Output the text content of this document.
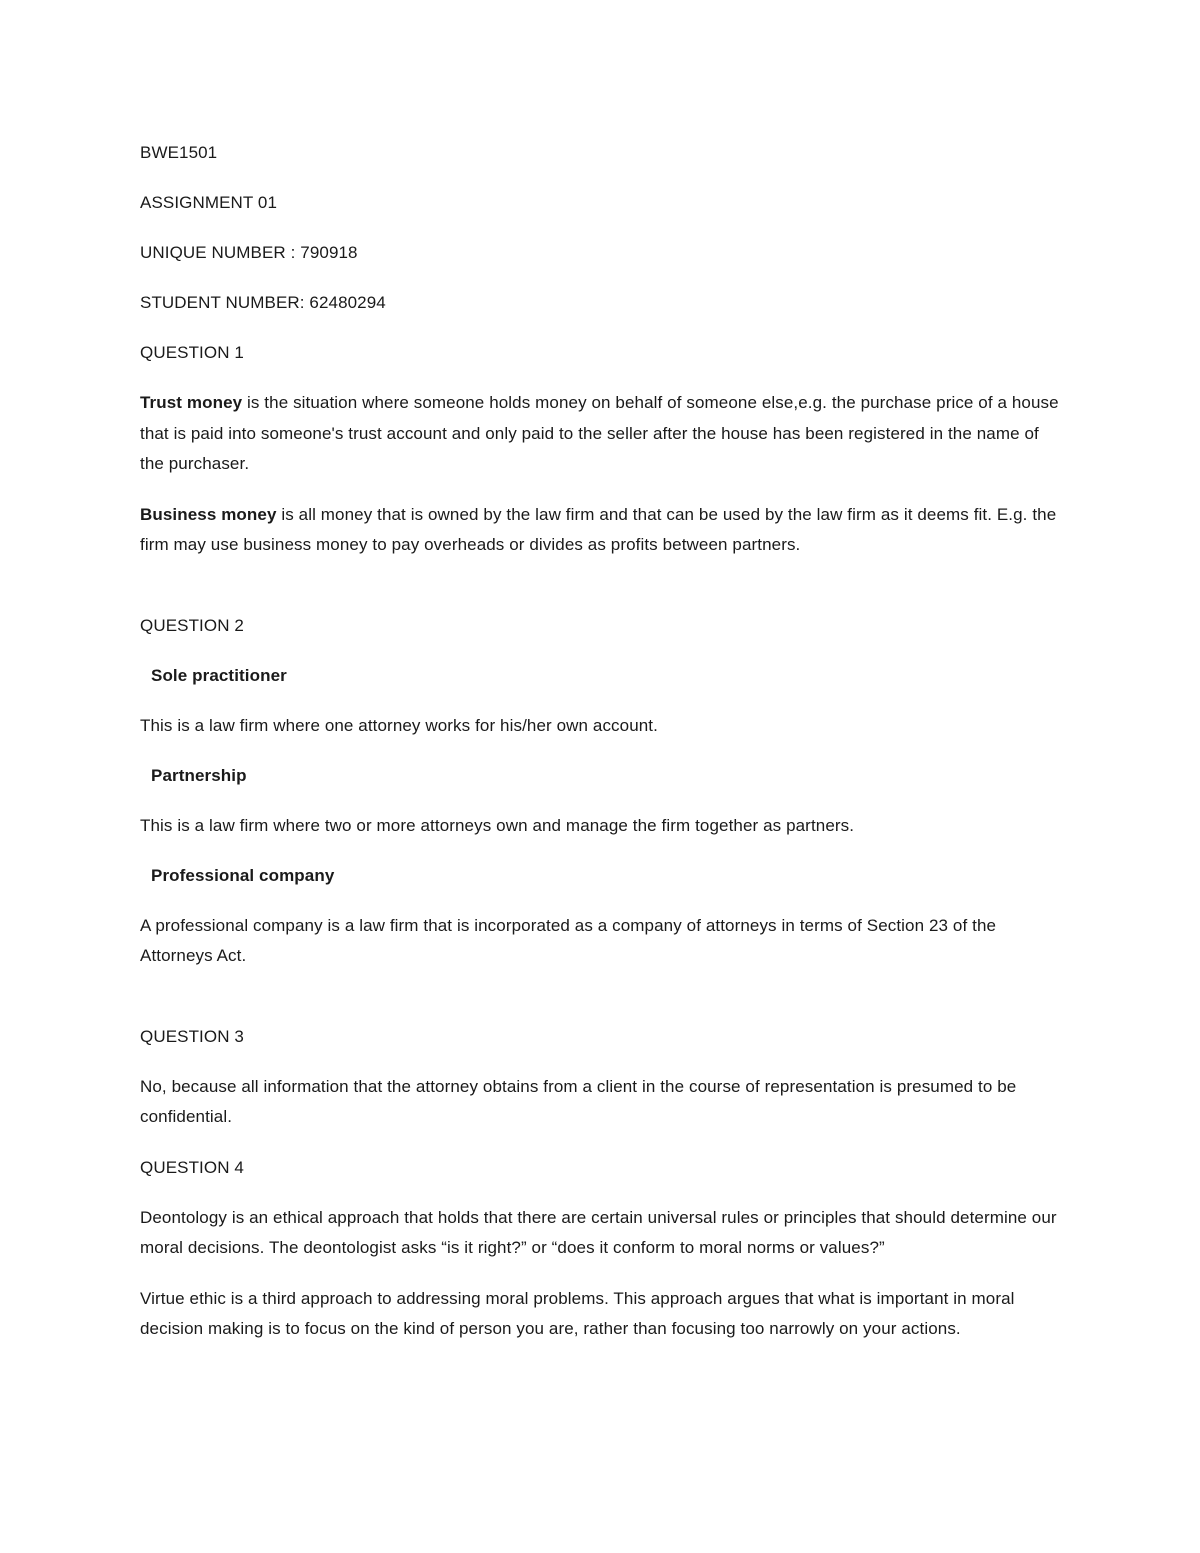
BWE1501

ASSIGNMENT 01

UNIQUE NUMBER : 790918

STUDENT NUMBER: 62480294

QUESTION 1

Trust money is the situation where someone holds money on behalf of someone else,e.g. the purchase price of a house that is paid into someone's trust account and only paid to the seller after the house has been registered in the name of the purchaser.

Business money is all money that is owned by the law firm and that can be used by the law firm as it deems fit. E.g. the firm may use business money to pay overheads or divides as profits between partners.

QUESTION 2

Sole practitioner

This is a law firm where one attorney works for his/her own account.

Partnership

This is a law firm where two or more attorneys own and manage the firm together as partners.

Professional company

A professional company is a law firm that is incorporated as a company of attorneys in terms of Section 23 of the Attorneys Act.

QUESTION 3

No, because all information that the attorney obtains from a client in the course of representation is presumed to be confidential.

QUESTION 4

Deontology is an ethical approach that holds that there are certain universal rules or principles that should determine our moral decisions. The deontologist asks “is it right?” or “does it conform to moral norms or values?”

Virtue ethic is a third approach to addressing moral problems. This approach argues that what is important in moral decision making is to focus on the kind of person you are, rather than focusing too narrowly on your actions.
